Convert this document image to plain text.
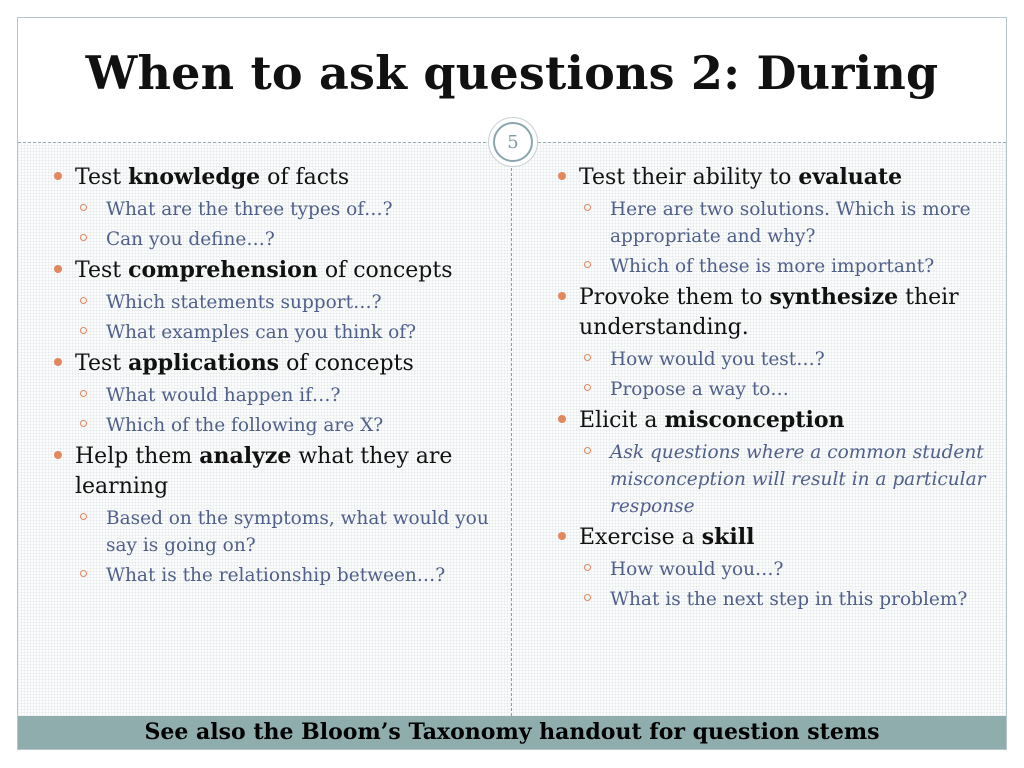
When to ask questions 2: During
5
Test knowledge of facts
What are the three types of…?
Can you define…?
Test comprehension of concepts
Which statements support…?
What examples can you think of?
Test applications of concepts
What would happen if…?
Which of the following are X?
Help them analyze what they are learning
Based on the symptoms, what would you say is going on?
What is the relationship between…?
Test their ability to evaluate
Here are two solutions. Which is more appropriate and why?
Which of these is more important?
Provoke them to synthesize their understanding.
How would you test…?
Propose a way to…
Elicit a misconception
Ask questions where a common student misconception will result in a particular response
Exercise a skill
How would you…?
What is the next step in this problem?
See also the Bloom’s Taxonomy handout for question stems
